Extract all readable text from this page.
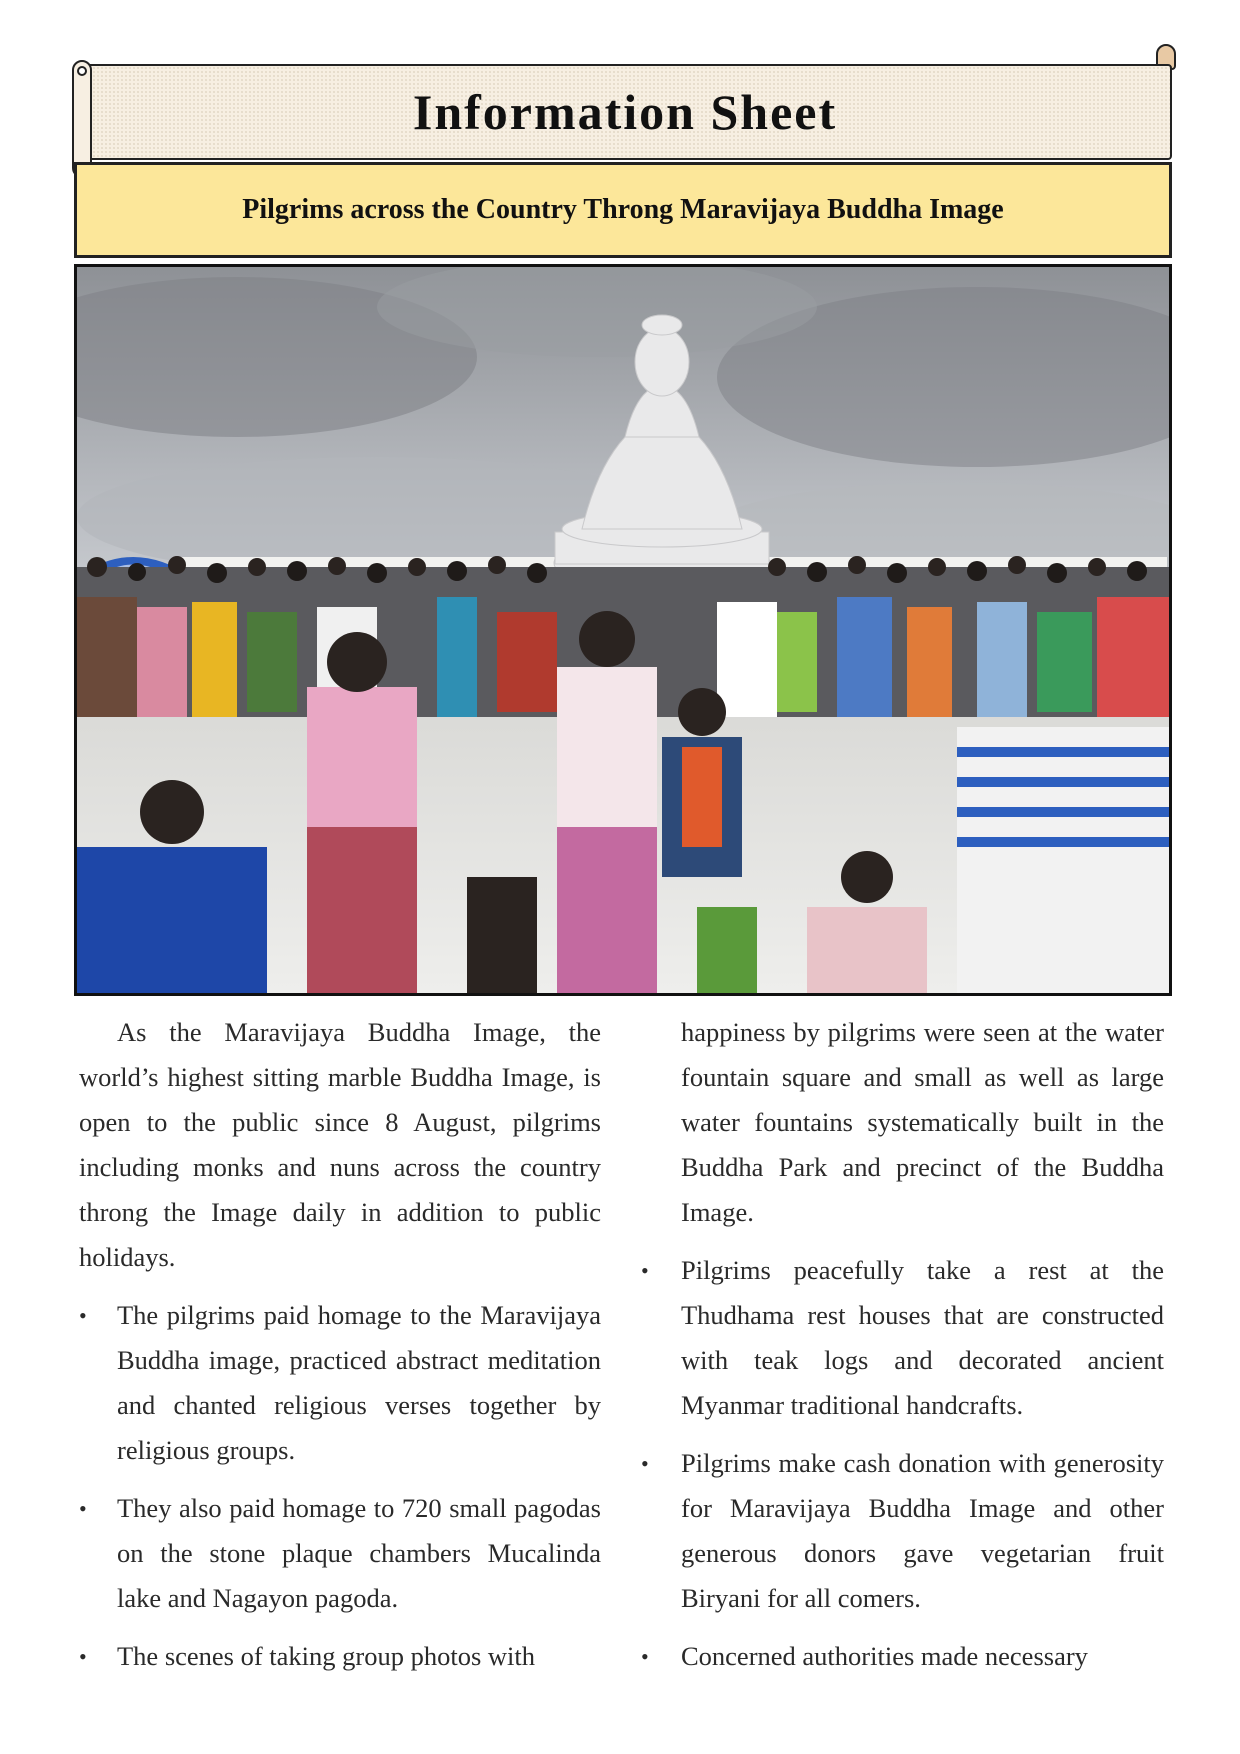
Information Sheet
Pilgrims across the Country Throng Maravijaya Buddha Image

As the Maravijaya Buddha Image, the world’s highest sitting marble Buddha Image, is open to the public since 8 August, pilgrims including monks and nuns across the country throng the Image daily in addition to public holidays.

•	The pilgrims paid homage to the Maravijaya Buddha image, practiced abstract meditation and chanted religious verses together by religious groups.
•	They also paid homage to 720 small pagodas on the stone plaque chambers Mucalinda lake and Nagayon pagoda.
•	The scenes of taking group photos with

happiness by pilgrims were seen at the water fountain square and small as well as large water fountains systematically built in the Buddha Park and precinct of the Buddha Image.

•	Pilgrims peacefully take a rest at the Thudhama rest houses that are constructed with teak logs and decorated ancient Myanmar traditional handcrafts.
•	Pilgrims make cash donation with generosity for Maravijaya Buddha Image and other generous donors gave vegetarian fruit Biryani for all comers.
•	Concerned authorities made necessary
